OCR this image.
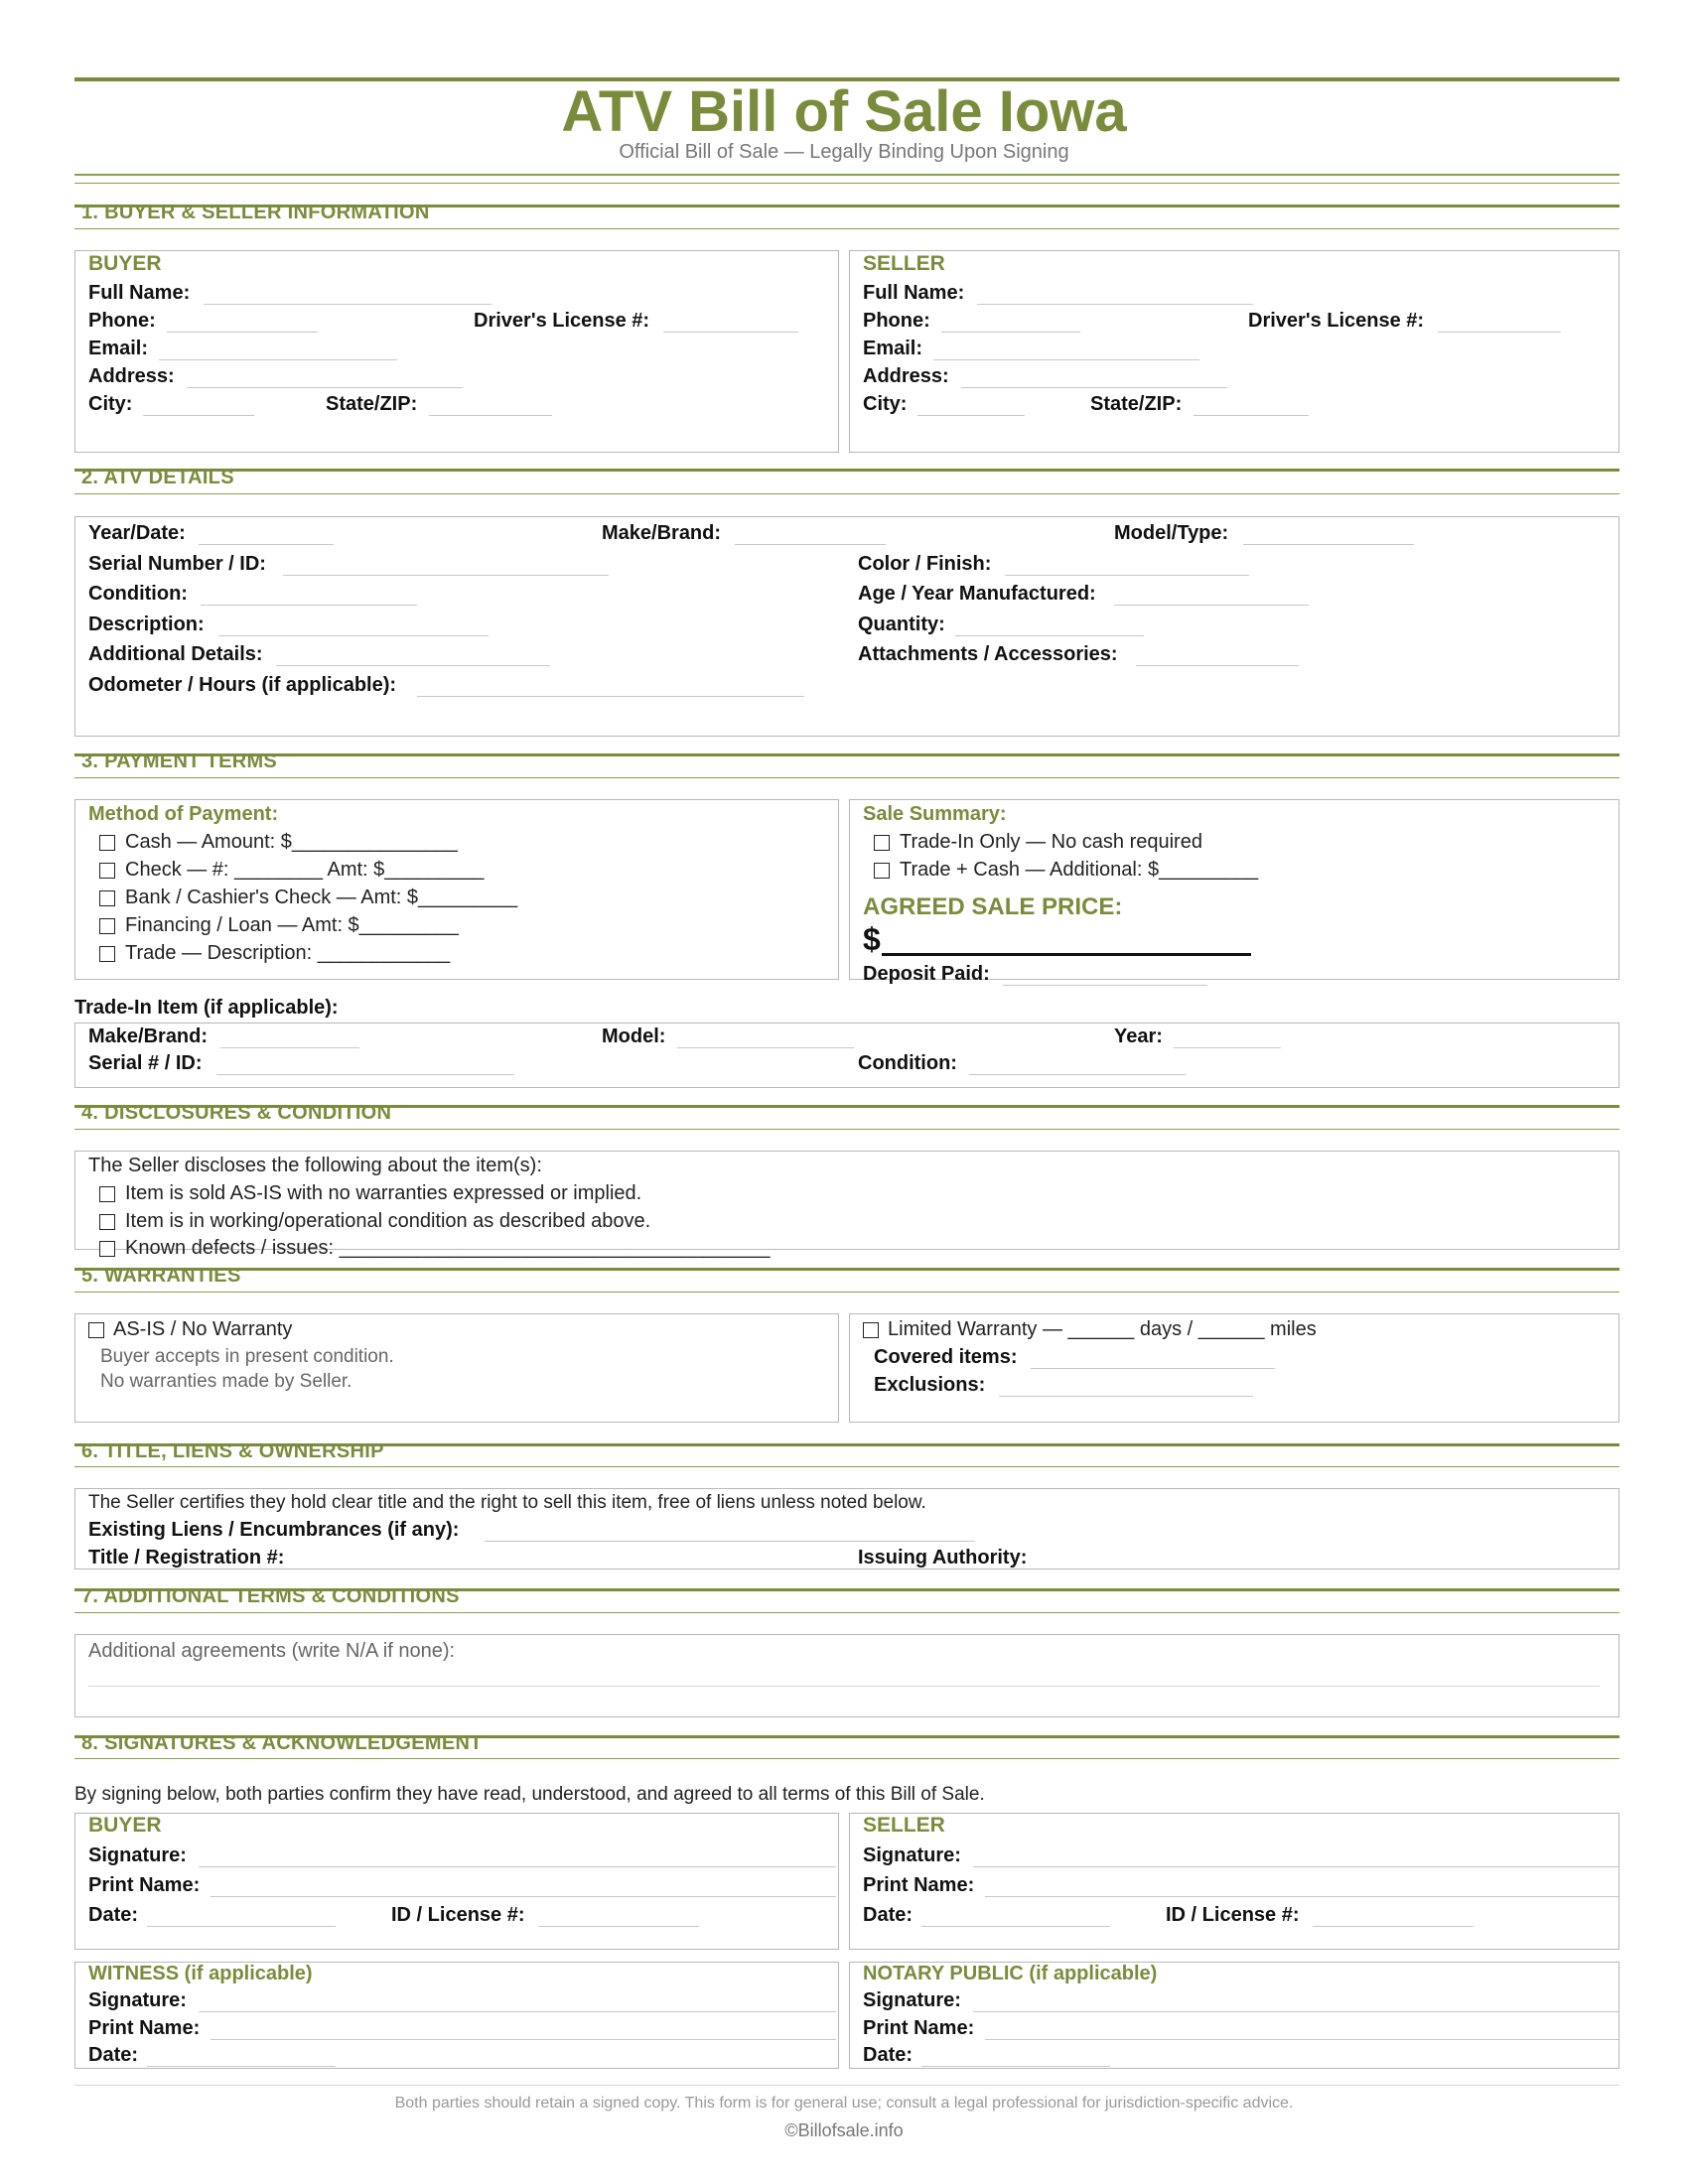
ATV Bill of Sale Iowa
Official Bill of Sale — Legally Binding Upon Signing
1. BUYER & SELLER INFORMATION
BUYER
Full Name:
Phone:	Driver's License #:
Email:
Address:
City:	State/ZIP:
SELLER
Full Name:
Phone:	Driver's License #:
Email:
Address:
City:	State/ZIP:
2. ATV DETAILS
Year/Date:	Make/Brand:	Model/Type:
Serial Number / ID:	Color / Finish:
Condition:	Age / Year Manufactured:
Description:	Quantity:
Additional Details:	Attachments / Accessories:
Odometer / Hours (if applicable):
3. PAYMENT TERMS
Method of Payment:
Cash — Amount: $_______________
Check — #: ________ Amt: $_________
Bank / Cashier's Check — Amt: $_________
Financing / Loan — Amt: $_________
Trade — Description: ____________
Sale Summary:
Trade-In Only — No cash required
Trade + Cash — Additional: $_________
AGREED SALE PRICE:
$
Deposit Paid:
Trade-In Item (if applicable):
Make/Brand:	Model:	Year:
Serial # / ID:	Condition:
4. DISCLOSURES & CONDITION
The Seller discloses the following about the item(s):
Item is sold AS-IS with no warranties expressed or implied.
Item is in working/operational condition as described above.
Known defects / issues: _______________________________________
5. WARRANTIES
AS-IS / No Warranty
Buyer accepts in present condition.
No warranties made by Seller.
Limited Warranty — ______ days / ______ miles
Covered items:
Exclusions:
6. TITLE, LIENS & OWNERSHIP
The Seller certifies they hold clear title and the right to sell this item, free of liens unless noted below.
Existing Liens / Encumbrances (if any):
Title / Registration #:	Issuing Authority:
7. ADDITIONAL TERMS & CONDITIONS
Additional agreements (write N/A if none):
8. SIGNATURES & ACKNOWLEDGEMENT
By signing below, both parties confirm they have read, understood, and agreed to all terms of this Bill of Sale.
BUYER
Signature:
Print Name:
Date:	ID / License #:
SELLER
Signature:
Print Name:
Date:	ID / License #:
WITNESS (if applicable)
Signature:
Print Name:
Date:
NOTARY PUBLIC (if applicable)
Signature:
Print Name:
Date:
Both parties should retain a signed copy. This form is for general use; consult a legal professional for jurisdiction-specific advice.
©Billofsale.info
